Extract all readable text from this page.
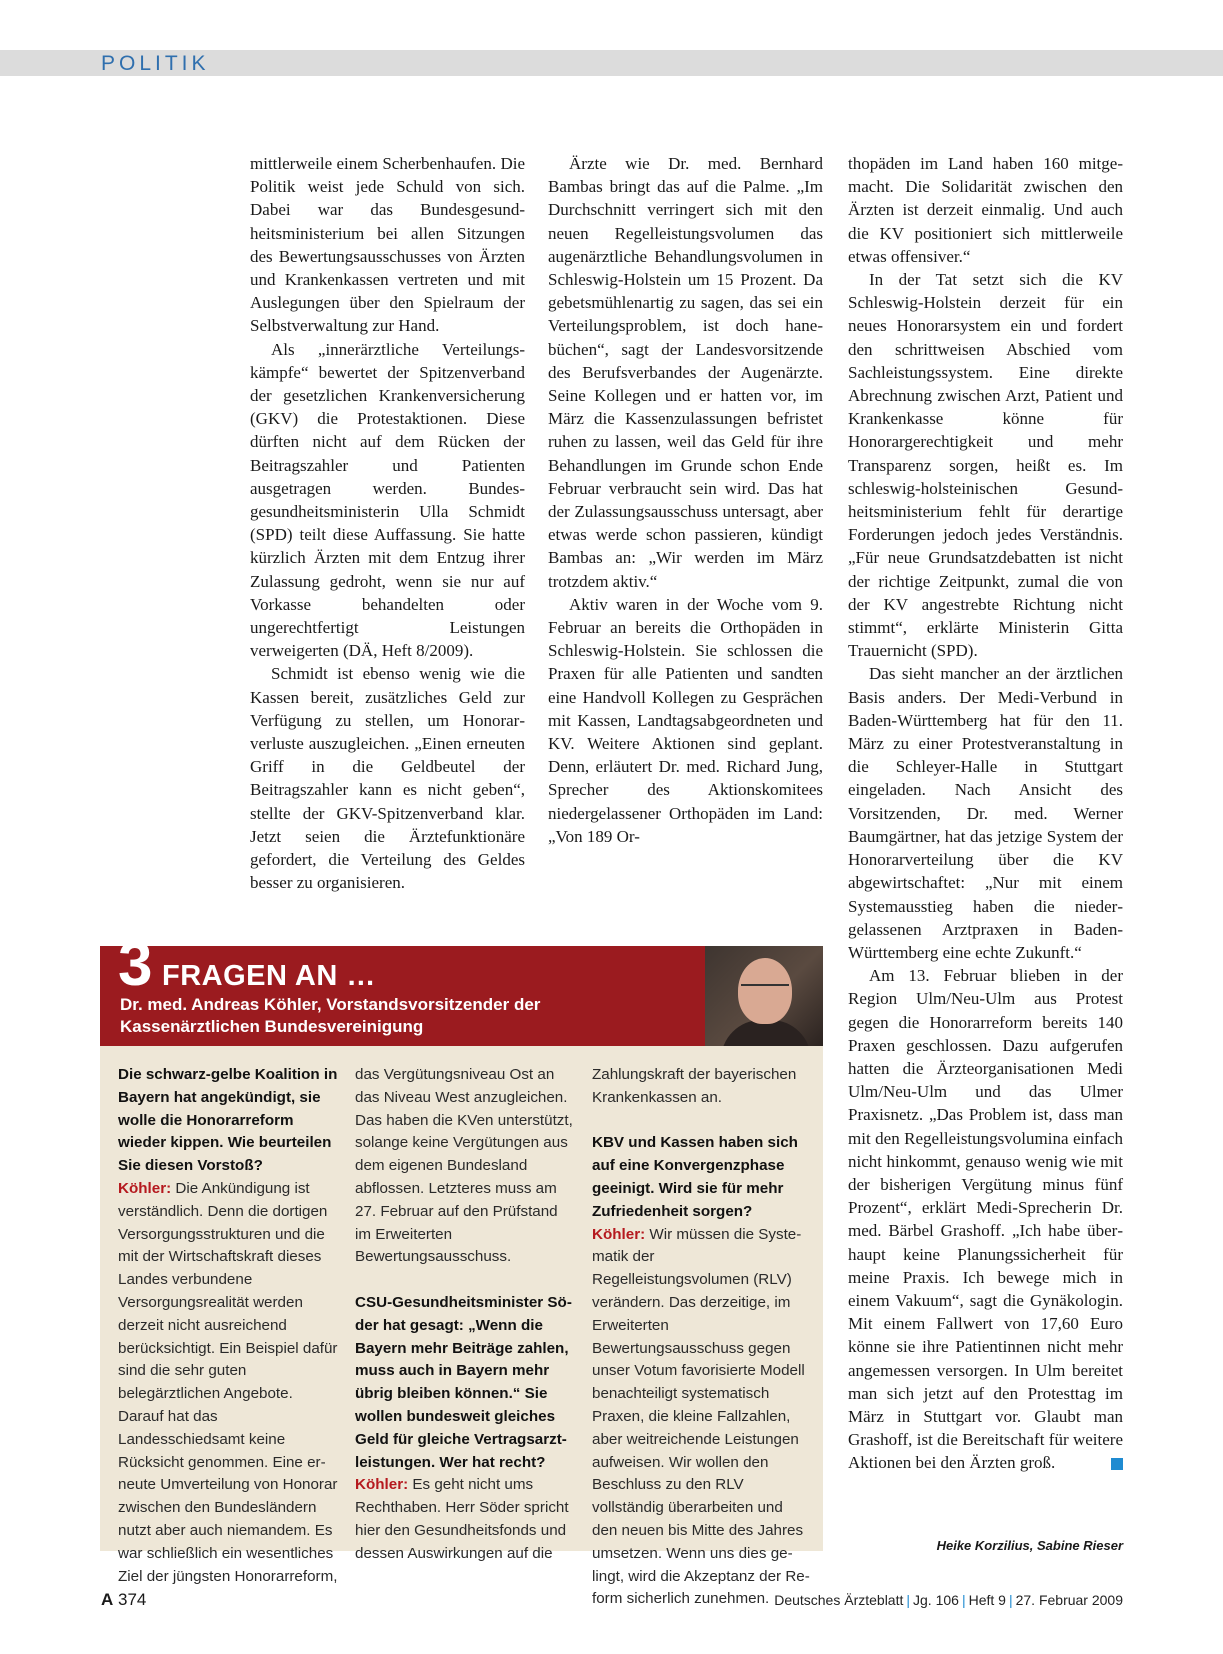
POLITIK

mittlerweile einem Scherbenhaufen. Die Politik weist jede Schuld von sich. Dabei war das Bundesgesundheitsministerium bei allen Sitzungen des Bewertungsausschusses von Ärzten und Krankenkassen vertreten und mit Auslegungen über den Spielraum der Selbstverwaltung zur Hand.

Als „innerärztliche Verteilungskämpfe“ bewertet der Spitzenverband der gesetzlichen Krankenversicherung (GKV) die Protestaktionen. Diese dürften nicht auf dem Rücken der Beitragszahler und Patienten ausgetragen werden. Bundesgesundheitsministerin Ulla Schmidt (SPD) teilt diese Auffassung. Sie hatte kürzlich Ärzten mit dem Entzug ihrer Zulassung gedroht, wenn sie nur auf Vorkasse behandelten oder ungerechtfertigt Leistungen verweigerten (DÄ, Heft 8/2009).

Schmidt ist ebenso wenig wie die Kassen bereit, zusätzliches Geld zur Verfügung zu stellen, um Honorarverluste auszugleichen. „Einen erneuten Griff in die Geldbeutel der Beitragszahler kann es nicht geben“, stellte der GKV-Spitzenverband klar. Jetzt seien die Ärztefunktionäre gefordert, die Verteilung des Geldes besser zu organisieren.

Ärzte wie Dr. med. Bernhard Bambas bringt das auf die Palme. „Im Durchschnitt verringert sich mit den neuen Regelleistungsvolumen das augenärztliche Behandlungsvolumen in Schleswig-Holstein um 15 Prozent. Da gebetsmühlenartig zu sagen, das sei ein Verteilungsproblem, ist doch hanebüchen“, sagt der Landesvorsitzende des Berufsverbandes der Augenärzte. Seine Kollegen und er hatten vor, im März die Kassenzulassungen befristet ruhen zu lassen, weil das Geld für ihre Behandlungen im Grunde schon Ende Februar verbraucht sein wird. Das hat der Zulassungsausschuss untersagt, aber etwas werde schon passieren, kündigt Bambas an: „Wir werden im März trotzdem aktiv.“

Aktiv waren in der Woche vom 9. Februar an bereits die Orthopäden in Schleswig-Holstein. Sie schlossen die Praxen für alle Patienten und sandten eine Handvoll Kollegen zu Gesprächen mit Kassen, Landtagsabgeordneten und KV. Weitere Aktionen sind geplant. Denn, erläutert Dr. med. Richard Jung, Sprecher des Aktionskomitees niedergelassener Orthopäden im Land: „Von 189 Or-

thopäden im Land haben 160 mitgemacht. Die Solidarität zwischen den Ärzten ist derzeit einmalig. Und auch die KV positioniert sich mittlerweile etwas offensiver.“

In der Tat setzt sich die KV Schleswig-Holstein derzeit für ein neues Honorarsystem ein und fordert den schrittweisen Abschied vom Sachleistungssystem. Eine direkte Abrechnung zwischen Arzt, Patient und Krankenkasse könne für Honorargerechtigkeit und mehr Transparenz sorgen, heißt es. Im schleswig-holsteinischen Gesundheitsministerium fehlt für derartige Forderungen jedoch jedes Verständnis. „Für neue Grundsatzdebatten ist nicht der richtige Zeitpunkt, zumal die von der KV angestrebte Richtung nicht stimmt“, erklärte Ministerin Gitta Trauernicht (SPD).

Das sieht mancher an der ärztlichen Basis anders. Der Medi-Verbund in Baden-Württemberg hat für den 11. März zu einer Protestveranstaltung in die Schleyer-Halle in Stuttgart eingeladen. Nach Ansicht des Vorsitzenden, Dr. med. Werner Baumgärtner, hat das jetzige System der Honorarverteilung über die KV abgewirtschaftet: „Nur mit einem Systemausstieg haben die niedergelassenen Arztpraxen in Baden-Württemberg eine echte Zukunft.“

Am 13. Februar blieben in der Region Ulm/Neu-Ulm aus Protest gegen die Honorarreform bereits 140 Praxen geschlossen. Dazu aufgerufen hatten die Ärzteorganisationen Medi Ulm/Neu-Ulm und das Ulmer Praxisnetz. „Das Problem ist, dass man mit den Regelleistungsvolumina einfach nicht hinkommt, genauso wenig wie mit der bisherigen Vergütung minus fünf Prozent“, erklärt Medi-Sprecherin Dr. med. Bärbel Grashoff. „Ich habe überhaupt keine Planungssicherheit für meine Praxis. Ich bewege mich in einem Vakuum“, sagt die Gynäkologin. Mit einem Fallwert von 17,60 Euro könne sie ihre Patientinnen nicht mehr angemessen versorgen. In Ulm bereitet man sich jetzt auf den Protesttag im März in Stuttgart vor. Glaubt man Grashoff, ist die Bereitschaft für weitere Aktionen bei den Ärzten groß.

Heike Korzilius, Sabine Rieser
3 FRAGEN AN …
Dr. med. Andreas Köhler, Vorstandsvorsitzender der Kassenärztlichen Bundesvereinigung

Die schwarz-gelbe Koalition in Bayern hat angekündigt, sie wolle die Honorarreform wieder kippen. Wie beurteilen Sie diesen Vorstoß?

Köhler: Die Ankündigung ist verständlich. Denn die dortigen Versorgungsstrukturen und die mit der Wirtschaftskraft dieses Landes verbundene Versorgungsrealität werden derzeit nicht ausreichend berücksichtigt. Ein Beispiel dafür sind die sehr guten belegärztlichen Angebote. Darauf hat das Landesschiedsamt keine Rücksicht genommen. Eine erneute Umverteilung von Honorar zwischen den Bundesländern nutzt aber auch niemandem. Es war schließlich ein wesentliches Ziel der jüngsten Honorarreform,

das Vergütungsniveau Ost an das Niveau West anzugleichen. Das haben die KVen unterstützt, solange keine Vergütungen aus dem eigenen Bundesland abflossen. Letzteres muss am 27. Februar auf den Prüfstand im Erweiterten Bewertungsausschuss.

CSU-Gesundheitsminister Söder hat gesagt: „Wenn die Bayern mehr Beiträge zahlen, muss auch in Bayern mehr übrig bleiben können.“ Sie wollen bundesweit gleiches Geld für gleiche Vertragsarztleistungen. Wer hat recht?

Köhler: Es geht nicht ums Rechthaben. Herr Söder spricht hier den Gesundheitsfonds und dessen Auswirkungen auf die

Zahlungskraft der bayerischen Krankenkassen an.

KBV und Kassen haben sich auf eine Konvergenzphase geeinigt. Wird sie für mehr Zufriedenheit sorgen?

Köhler: Wir müssen die Systematik der Regelleistungsvolumen (RLV) verändern. Das derzeitige, im Erweiterten Bewertungsausschuss gegen unser Votum favorisierte Modell benachteiligt systematisch Praxen, die kleine Fallzahlen, aber weitreichende Leistungen aufweisen. Wir wollen den Beschluss zu den RLV vollständig überarbeiten und den neuen bis Mitte des Jahres umsetzen. Wenn uns dies gelingt, wird die Akzeptanz der Reform sicherlich zunehmen.

A 374	Deutsches Ärzteblatt | Jg. 106 | Heft 9 | 27. Februar 2009
